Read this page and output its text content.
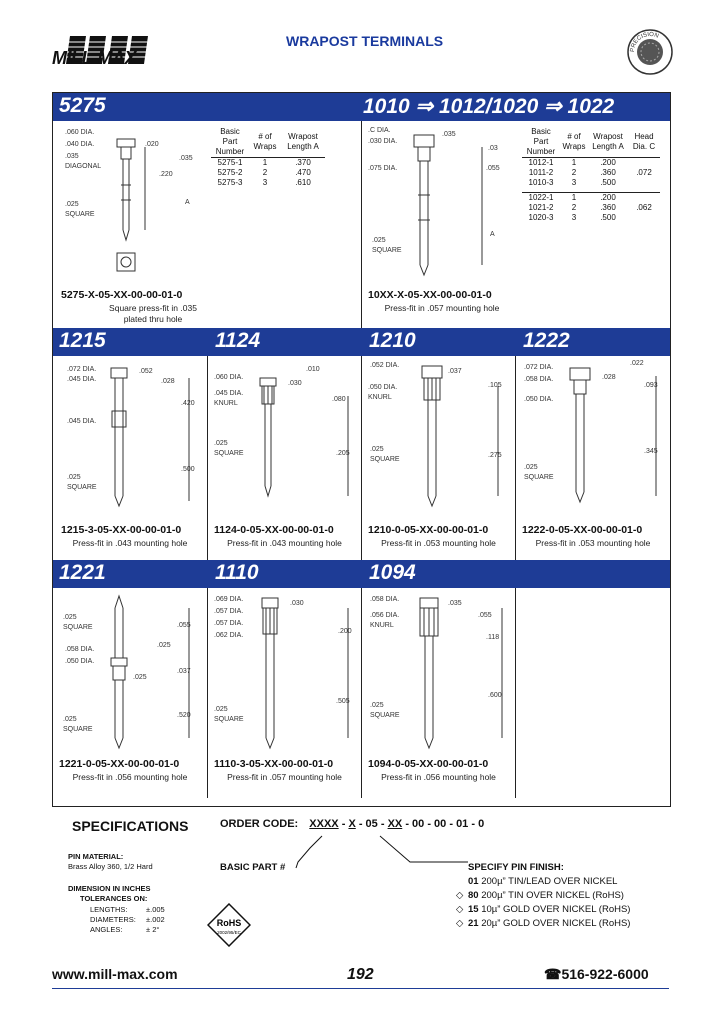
MILL-MAX
WRAPOST TERMINALS
PRECISION
5275	1010 ⇒ 1012/1020 ⇒ 1022
.060 DIA.
.040 DIA.
.035
DIAGONAL
.025
SQUARE
.020
.035
.220
A
Basic Part Number	# of Wraps	Wrapost Length A
5275-1	1	.370
5275-2	2	.470
5275-3	3	.610
5275-X-05-XX-00-00-01-0
Square press-fit in .035
plated thru hole
.C DIA.
.030 DIA.
.035
.03
.075 DIA.	.055
.025
SQUARE
A
Basic Part Number	# of Wraps	Wrapost Length A	Head Dia. C
1012-1	1	.200	
1011-2	2	.360	.072
1010-3	3	.500	

1022-1	1	.200	
1021-2	2	.360	.062
1020-3	3	.500	
10XX-X-05-XX-00-00-01-0
Press-fit in .057 mounting hole
1215	1124	1210	1222
.072 DIA.
.045 DIA.
.052
.028
.420
.045 DIA.
.025
SQUARE
.500
1215-3-05-XX-00-00-01-0
Press-fit in .043 mounting hole
.060 DIA.
.045 DIA.
KNURL
.030
.010
.080
.025
SQUARE	.205
1124-0-05-XX-00-00-01-0
Press-fit in .043 mounting hole
.052 DIA.
.037
.050 DIA.
KNURL
.105
.025
SQUARE
.275
1210-0-05-XX-00-00-01-0
Press-fit in .053 mounting hole
.072 DIA.
.058 DIA.
.050 DIA.
.022
.028
.093
.025
SQUARE
.345
1222-0-05-XX-00-00-01-0
Press-fit in .053 mounting hole
1221	1110	1094
.025
SQUARE	.055
.025
.058 DIA.
.050 DIA.
.025
.037
.520
.025
SQUARE
1221-0-05-XX-00-00-01-0
Press-fit in .056 mounting hole
.069 DIA.
.057 DIA.
.057 DIA.
.062 DIA.
.030
.200
.025
SQUARE
.505
1110-3-05-XX-00-00-01-0
Press-fit in .057 mounting hole
.058 DIA.
.056 DIA.
KNURL
.035
.055
.118
.025
SQUARE
.600
1094-0-05-XX-00-00-01-0
Press-fit in .056 mounting hole
SPECIFICATIONS
PIN MATERIAL:
Brass Alloy 360, 1/2 Hard
DIMENSION IN INCHES
TOLERANCES ON:
LENGTHS: ±.005
DIAMETERS: ±.002
ANGLES:	± 2°
RoHS
2002/95/EC
ORDER CODE: XXXX - X - 05 - XX - 00 - 00 - 01 - 0
BASIC PART #	SPECIFY PIN FINISH:
01 200µ” TIN/LEAD OVER NICKEL
◇ 80 200µ” TIN OVER NICKEL (RoHS)
◇ 15 10µ” GOLD OVER NICKEL (RoHS)
◇ 21 20µ” GOLD OVER NICKEL (RoHS)
www.mill-max.com	192	☎516-922-6000
